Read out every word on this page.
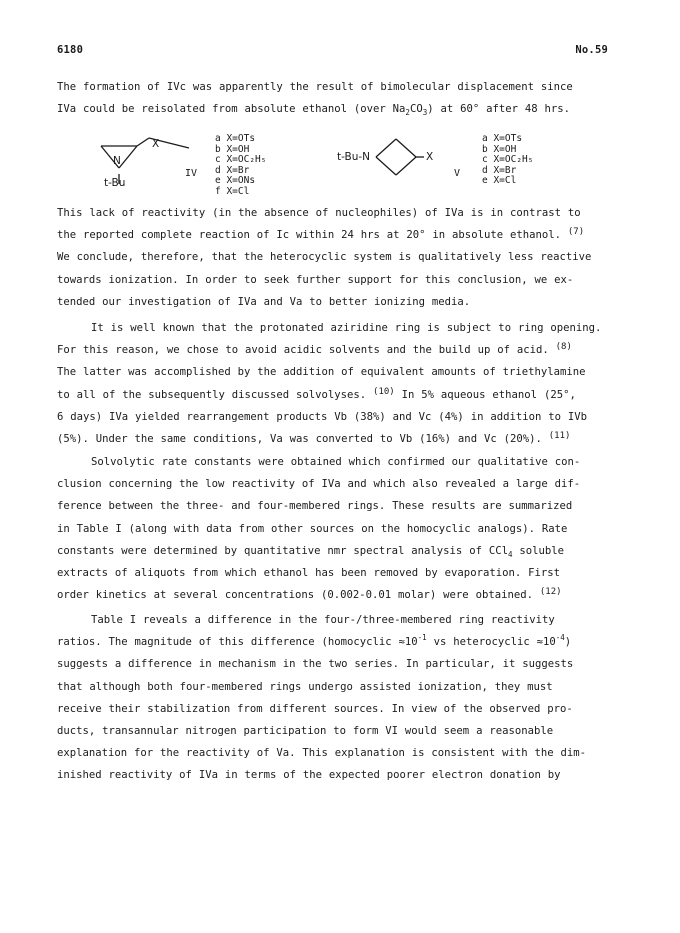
6180	No.59
The formation of IVc was apparently the result of bimolecular displacement since
IVa could be reisolated from absolute ethanol (over $Na_2CO_3$) at 60° after 48 hrs.
X
N
t-Bu
IV
a X=OTs
b X=OH
c X=OC₂H₅
d X=Br
e X=ONs
f X=Cl
t-Bu-N	X
V
a X=OTs
b X=OH
c X=OC₂H₅
d X=Br
e X=Cl
This lack of reactivity (in the absence of nucleophiles) of IVa is in contrast to
the reported complete reaction of Ic within 24 hrs at 20° in absolute ethanol. $^{(7)}$
We conclude, therefore, that the heterocyclic system is qualitatively less reactive
towards ionization. In order to seek further support for this conclusion, we ex-
tended our investigation of IVa and Va to better ionizing media.
It is well known that the protonated aziridine ring is subject to ring opening.
For this reason, we chose to avoid acidic solvents and the build up of acid. $^{(8)}$
The latter was accomplished by the addition of equivalent amounts of triethylamine
to all of the subsequently discussed solvolyses. $^{(10)}$ In 5% aqueous ethanol (25°,
6 days) IVa yielded rearrangement products Vb (38%) and Vc (4%) in addition to IVb
(5%). Under the same conditions, Va was converted to Vb (16%) and Vc (20%). $^{(11)}$
Solvolytic rate constants were obtained which confirmed our qualitative con-
clusion concerning the low reactivity of IVa and which also revealed a large dif-
ference between the three- and four-membered rings. These results are summarized
in Table I (along with data from other sources on the homocyclic analogs). Rate
constants were determined by quantitative nmr spectral analysis of CCl$_4$ soluble
extracts of aliquots from which ethanol has been removed by evaporation. First
order kinetics at several concentrations (0.002-0.01 molar) were obtained. $^{(12)}$
Table I reveals a difference in the four-/three-membered ring reactivity
ratios. The magnitude of this difference (homocyclic $\approx 10^{-1}$ vs heterocyclic $\approx 10^{-4}$)
suggests a difference in mechanism in the two series. In particular, it suggests
that although both four-membered rings undergo assisted ionization, they must
receive their stabilization from different sources. In view of the observed pro-
ducts, transannular nitrogen participation to form VI would seem a reasonable
explanation for the reactivity of Va. This explanation is consistent with the dim-
inished reactivity of IVa in terms of the expected poorer electron donation by
